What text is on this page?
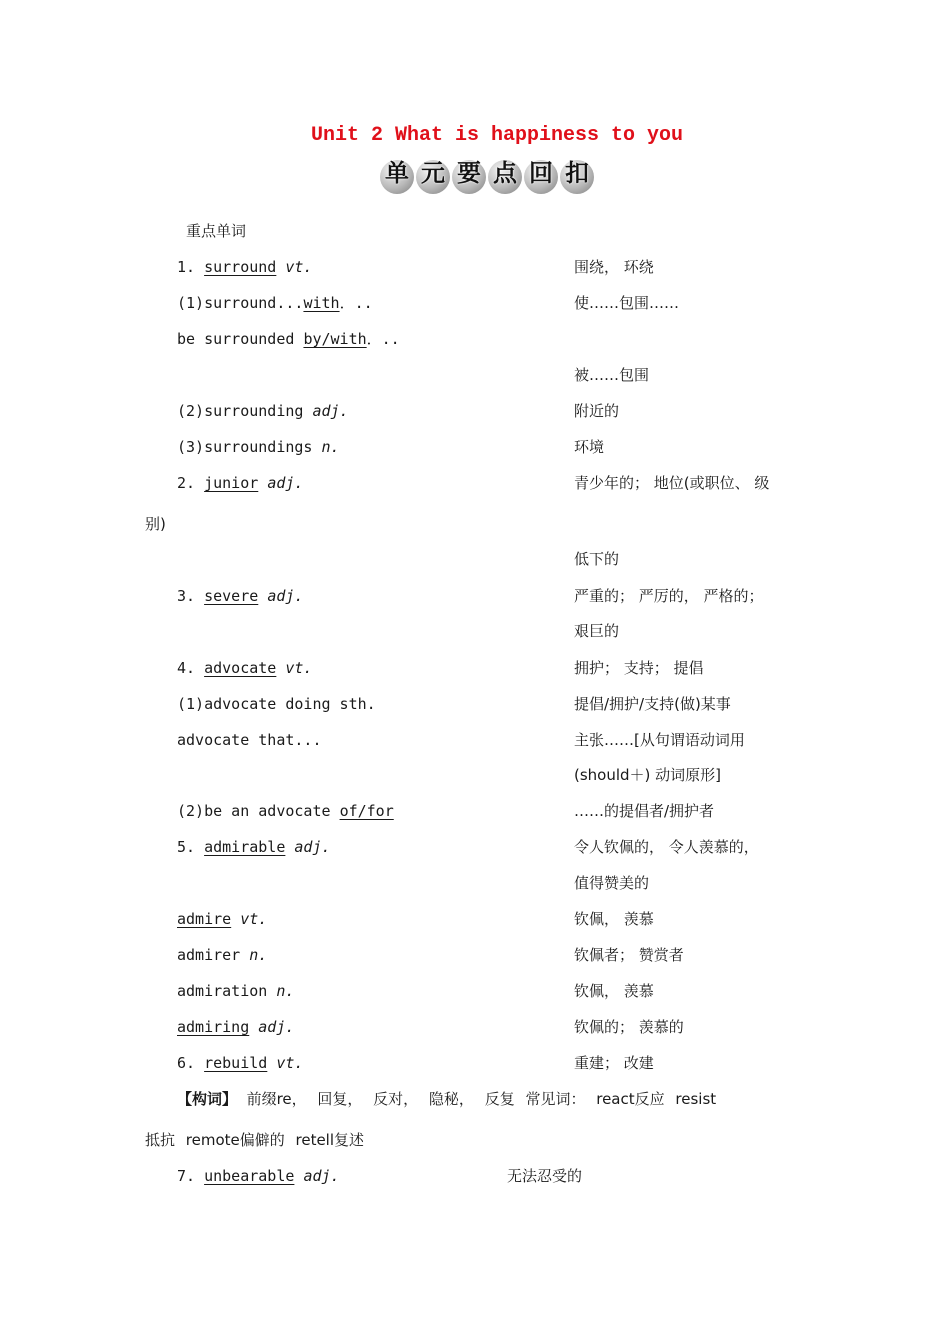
Unit 2 What is happiness to you
单 元 要 点 回 扣
重点单词
1. surround vt.	围绕， 环绕
(1)surround...with．..	使……包围……
be surrounded by/with．..
被……包围
(2)surrounding adj.	附近的
(3)surroundings n.	环境
2. junior adj.	青少年的； 地位(或职位、 级
别)
低下的
3. severe adj.	严重的； 严厉的， 严格的；
艰巨的
4. advocate vt.	拥护； 支持； 提倡
(1)advocate doing sth.	提倡/拥护/支持(做)某事
advocate that...	主张……[从句谓语动词用
(should＋) 动词原形]
(2)be an advocate of/for	……的提倡者/拥护者
5. admirable adj.	令人钦佩的， 令人羡慕的，
值得赞美的
admire vt.	钦佩， 羡慕
admirer n.	钦佩者； 赞赏者
admiration n.	钦佩， 羡慕
admiring adj.	钦佩的； 羡慕的
6. rebuild vt.	重建； 改建
【构词】 前缀re， 回复， 反对， 隐秘， 反复 常见词： react反应 resist
抵抗 remote偏僻的 retell复述
7. unbearable adj.	无法忍受的
